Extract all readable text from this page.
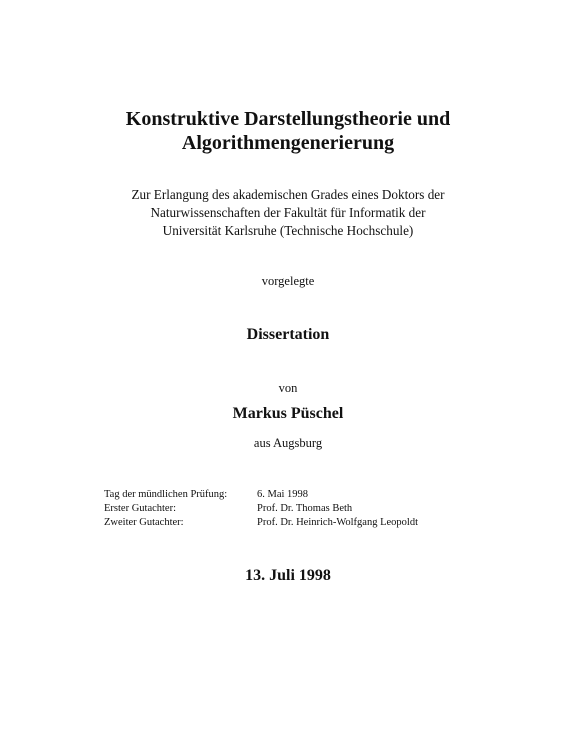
Konstruktive Darstellungstheorie und
Algorithmengenerierung
Zur Erlangung des akademischen Grades eines Doktors der
Naturwissenschaften der Fakultät für Informatik der
Universität Karlsruhe (Technische Hochschule)
vorgelegte
Dissertation
von
Markus Püschel
aus Augsburg
Tag der mündlichen Prüfung:	6. Mai 1998
Erster Gutachter:	Prof. Dr. Thomas Beth
Zweiter Gutachter:	Prof. Dr. Heinrich-Wolfgang Leopoldt
13. Juli 1998
